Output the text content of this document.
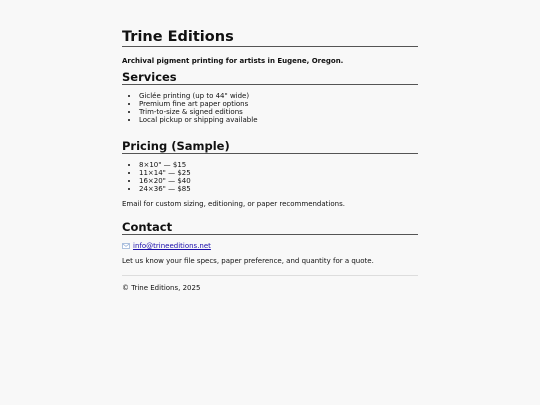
Trine Editions

Archival pigment printing for artists in Eugene, Oregon.

Services
• Giclée printing (up to 44" wide)
• Premium fine art paper options
• Trim-to-size & signed editions
• Local pickup or shipping available
Pricing (Sample)
• 8×10" — $15
• 11×14" — $25
• 16×20" — $40
• 24×36" — $85

Email for custom sizing, editioning, or paper recommendations.

Contact

info@trineeditions.net

Let us know your file specs, paper preference, and quantity for a quote.

© Trine Editions, 2025
